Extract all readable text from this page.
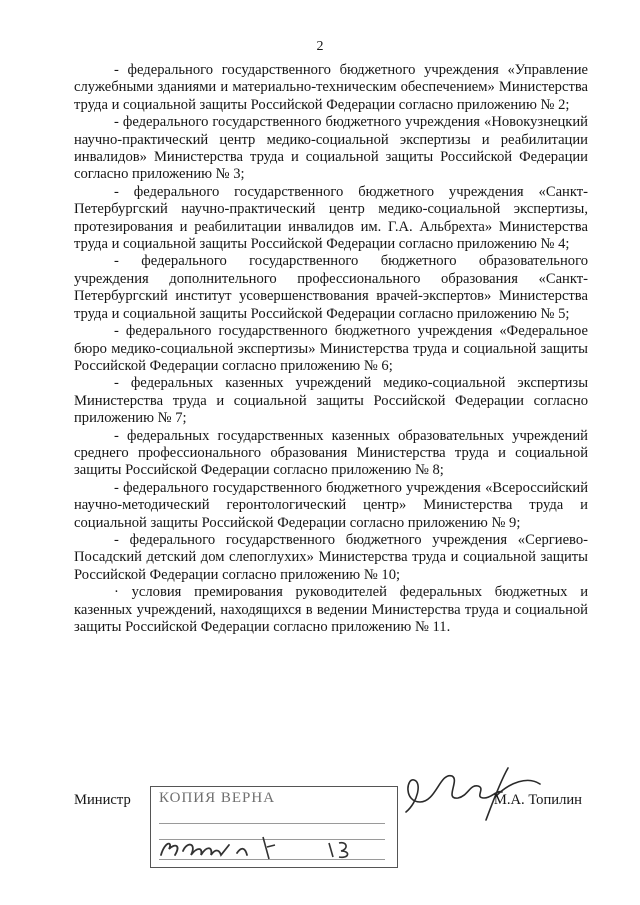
2

- федерального государственного бюджетного учреждения «Управление служебными зданиями и материально-техническим обеспечением» Министерства труда и социальной защиты Российской Федерации согласно приложению № 2;

- федерального государственного бюджетного учреждения «Новокузнецкий научно-практический центр медико-социальной экспертизы и реабилитации инвалидов» Министерства труда и социальной защиты Российской Федерации согласно приложению № 3;

- федерального государственного бюджетного учреждения «Санкт-Петербургский научно-практический центр медико-социальной экспертизы, протезирования и реабилитации инвалидов им. Г.А. Альбрехта» Министерства труда и социальной защиты Российской Федерации согласно приложению № 4;

- федерального государственного бюджетного образовательного учреждения дополнительного профессионального образования «Санкт-Петербургский институт усовершенствования врачей-экспертов» Министерства труда и социальной защиты Российской Федерации согласно приложению № 5;

- федерального государственного бюджетного учреждения «Федеральное бюро медико-социальной экспертизы» Министерства труда и социальной защиты Российской Федерации согласно приложению № 6;

- федеральных казенных учреждений медико-социальной экспертизы Министерства труда и социальной защиты Российской Федерации согласно приложению № 7;

- федеральных государственных казенных образовательных учреждений среднего профессионального образования Министерства труда и социальной защиты Российской Федерации согласно приложению № 8;

- федерального государственного бюджетного учреждения «Всероссийский научно-методический геронтологический центр» Министерства труда и социальной защиты Российской Федерации согласно приложению № 9;

- федерального государственного бюджетного учреждения «Сергиево-Посадский детский дом слепоглухих» Министерства труда и социальной защиты Российской Федерации согласно приложению № 10;

· условия премирования руководителей федеральных бюджетных и казенных учреждений, находящихся в ведении Министерства труда и социальной защиты Российской Федерации согласно приложению № 11.

Министр КОПИЯ ВЕРНА	М.А. Топилин
